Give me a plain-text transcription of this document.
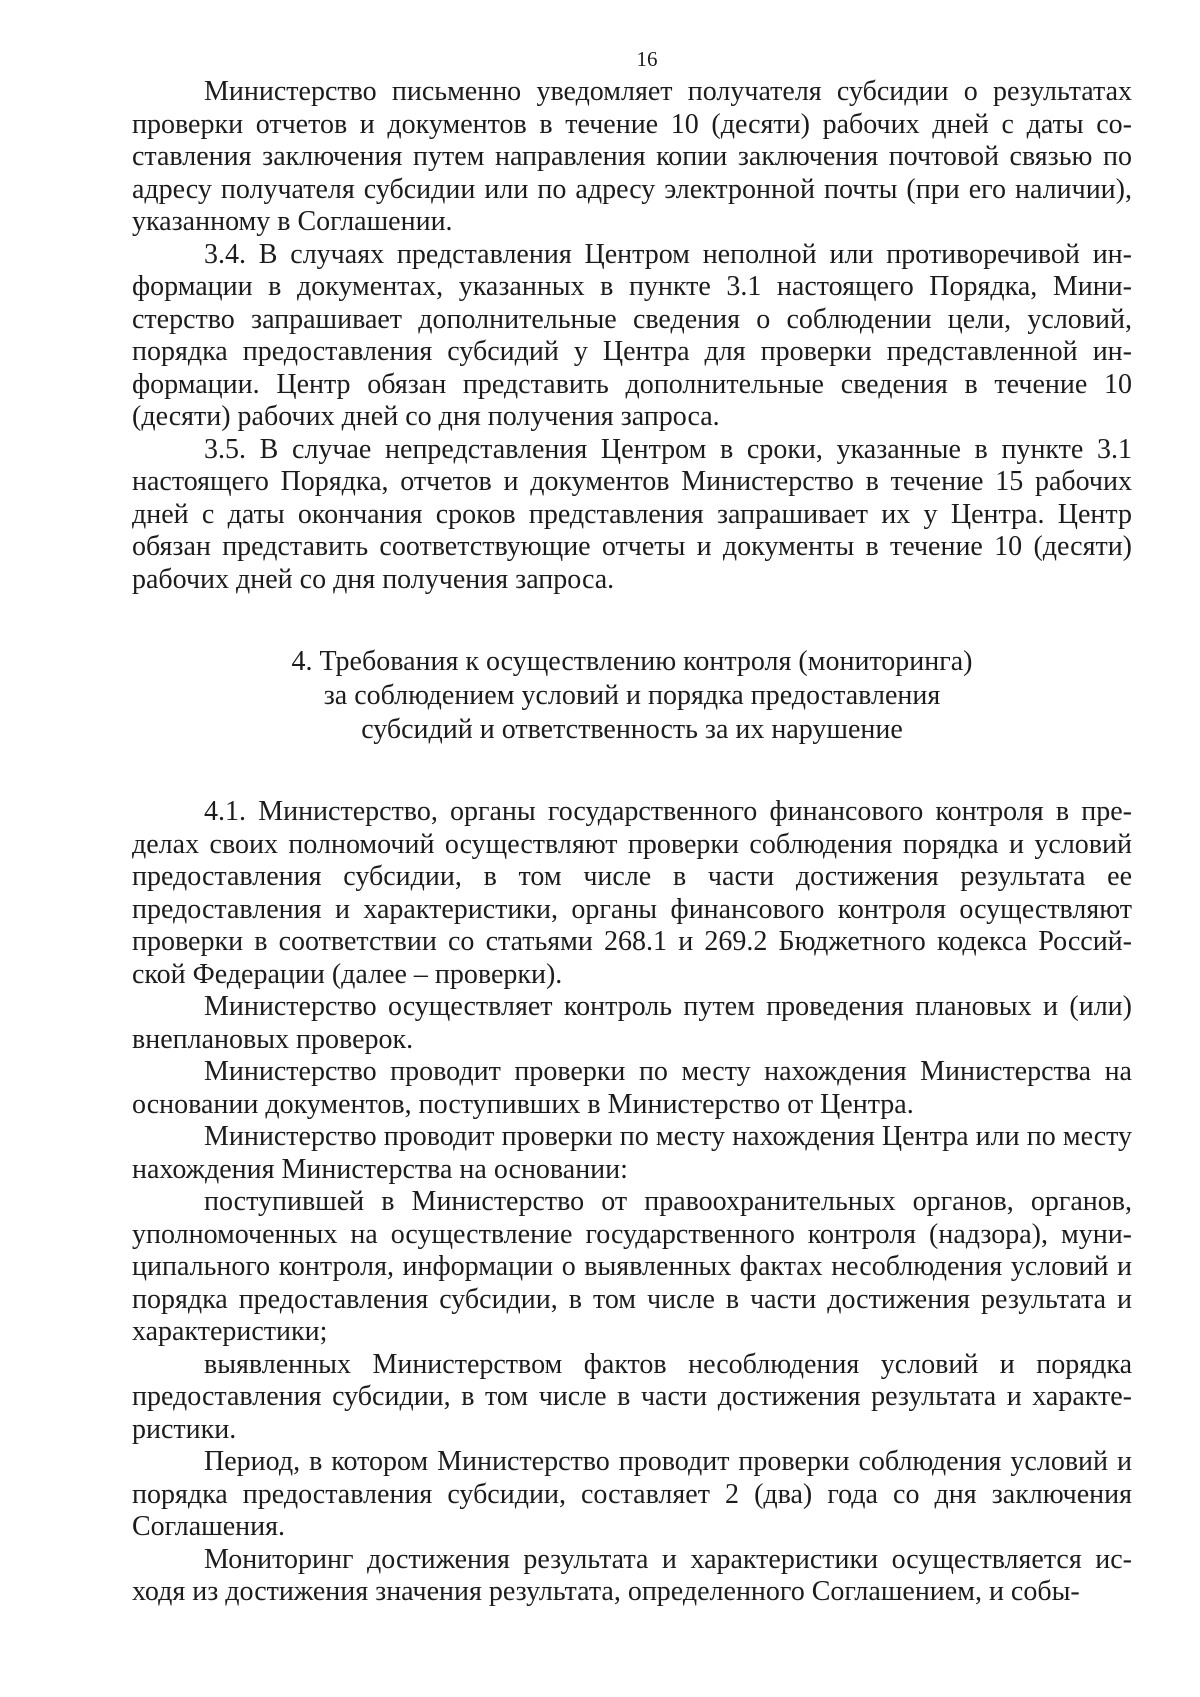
16

Министерство письменно уведомляет получателя субсидии о результатах проверки отчетов и документов в течение 10 (десяти) рабочих дней с даты составления заключения путем направления копии заключения почтовой связью по адресу получателя субсидии или по адресу электронной почты (при его наличии), указанному в Соглашении.

3.4. В случаях представления Центром неполной или противоречивой информации в документах, указанных в пункте 3.1 настоящего Порядка, Министерство запрашивает дополнительные сведения о соблюдении цели, условий, порядка предоставления субсидий у Центра для проверки представленной информации. Центр обязан представить дополнительные сведения в течение 10 (десяти) рабочих дней со дня получения запроса.

3.5. В случае непредставления Центром в сроки, указанные в пункте 3.1 настоящего Порядка, отчетов и документов Министерство в течение 15 рабочих дней с даты окончания сроков представления запрашивает их у Центра. Центр обязан представить соответствующие отчеты и документы в течение 10 (десяти) рабочих дней со дня получения запроса.

4. Требования к осуществлению контроля (мониторинга)
за соблюдением условий и порядка предоставления
субсидий и ответственность за их нарушение

4.1. Министерство, органы государственного финансового контроля в пределах своих полномочий осуществляют проверки соблюдения порядка и условий предоставления субсидии, в том числе в части достижения результата ее предоставления и характеристики, органы финансового контроля осуществляют проверки в соответствии со статьями 268.1 и 269.2 Бюджетного кодекса Российской Федерации (далее – проверки).

Министерство осуществляет контроль путем проведения плановых и (или) внеплановых проверок.

Министерство проводит проверки по месту нахождения Министерства на основании документов, поступивших в Министерство от Центра.

Министерство проводит проверки по месту нахождения Центра или по месту нахождения Министерства на основании:

поступившей в Министерство от правоохранительных органов, органов, уполномоченных на осуществление государственного контроля (надзора), муниципального контроля, информации о выявленных фактах несоблюдения условий и порядка предоставления субсидии, в том числе в части достижения результата и характеристики;

выявленных Министерством фактов несоблюдения условий и порядка предоставления субсидии, в том числе в части достижения результата и характеристики.

Период, в котором Министерство проводит проверки соблюдения условий и порядка предоставления субсидии, составляет 2 (два) года со дня заключения Соглашения.

Мониторинг достижения результата и характеристики осуществляется исходя из достижения значения результата, определенного Соглашением, и собы-
